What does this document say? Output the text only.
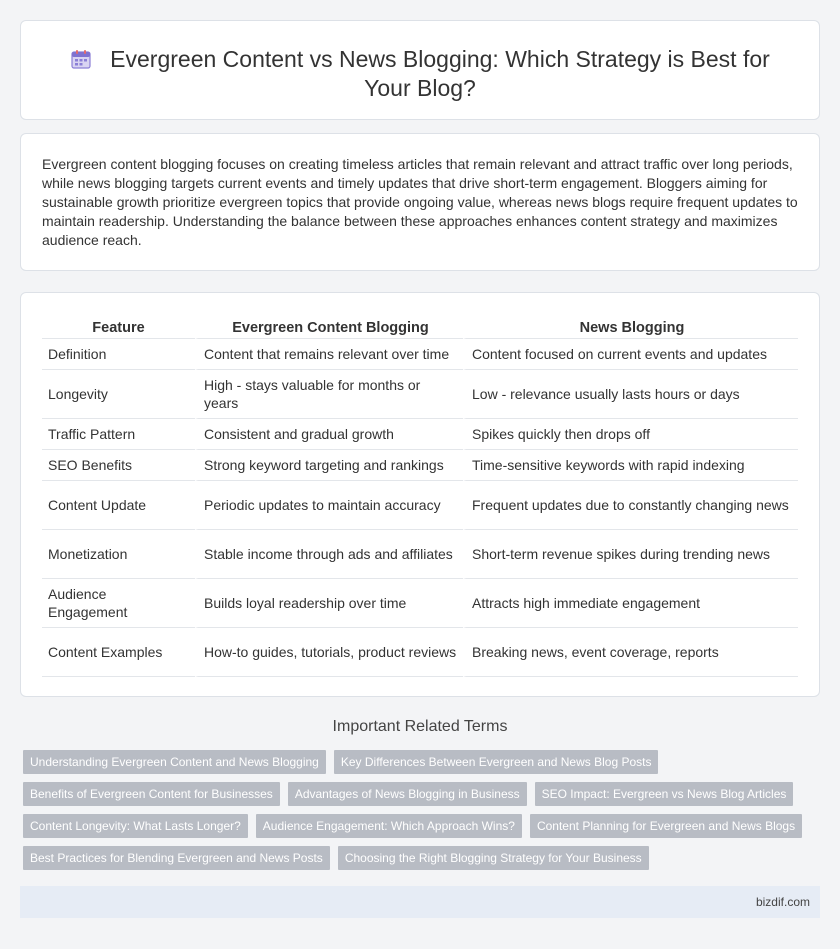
Evergreen Content vs News Blogging: Which Strategy is Best for Your Blog?

Evergreen content blogging focuses on creating timeless articles that remain relevant and attract traffic over long periods, while news blogging targets current events and timely updates that drive short-term engagement. Bloggers aiming for sustainable growth prioritize evergreen topics that provide ongoing value, whereas news blogs require frequent updates to maintain readership. Understanding the balance between these approaches enhances content strategy and maximizes audience reach.

Feature	Evergreen Content Blogging	News Blogging
Definition	Content that remains relevant over time	Content focused on current events and updates
Longevity	High - stays valuable for months or years	Low - relevance usually lasts hours or days
Traffic Pattern	Consistent and gradual growth	Spikes quickly then drops off
SEO Benefits	Strong keyword targeting and rankings	Time-sensitive keywords with rapid indexing
Content Update	Periodic updates to maintain accuracy	Frequent updates due to constantly changing news
Monetization	Stable income through ads and affiliates	Short-term revenue spikes during trending news
Audience Engagement	Builds loyal readership over time	Attracts high immediate engagement
Content Examples	How-to guides, tutorials, product reviews	Breaking news, event coverage, reports
Important Related Terms
Understanding Evergreen Content and News Blogging	Key Differences Between Evergreen and News Blog Posts
Benefits of Evergreen Content for Businesses	Advantages of News Blogging in Business	SEO Impact: Evergreen vs News Blog Articles
Content Longevity: What Lasts Longer?	Audience Engagement: Which Approach Wins?	Content Planning for Evergreen and News Blogs
Best Practices for Blending Evergreen and News Posts	Choosing the Right Blogging Strategy for Your Business
bizdif.com
